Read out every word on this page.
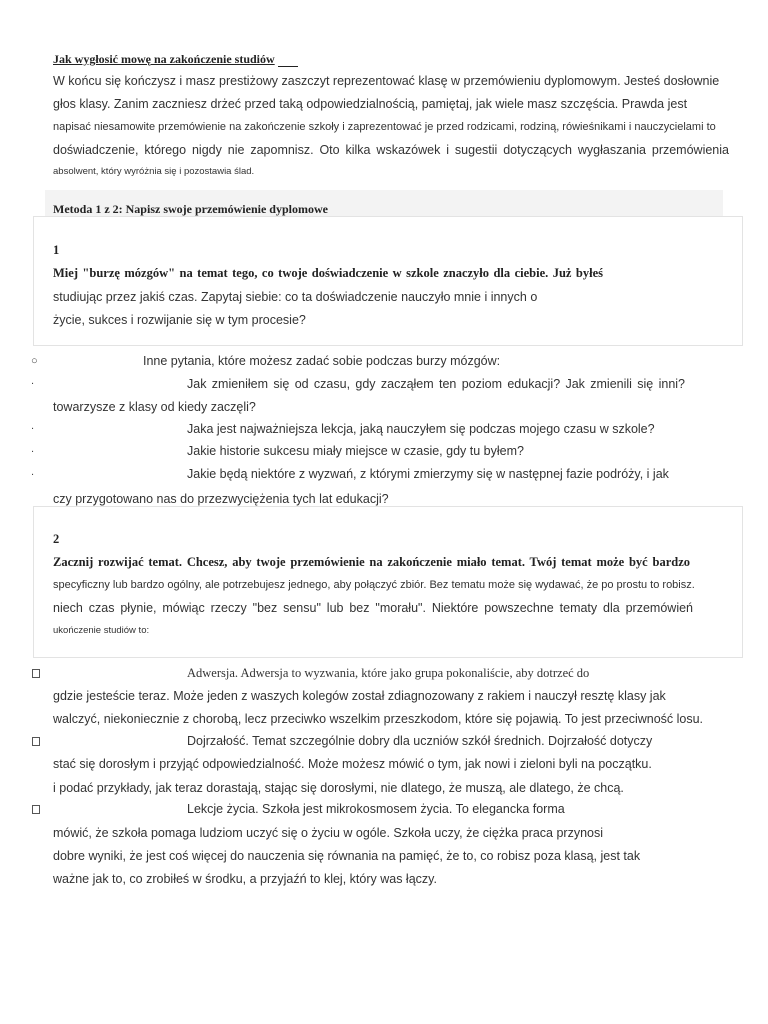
Jak wygłosić mowę na zakończenie studiów
W końcu się kończysz i masz prestiżowy zaszczyt reprezentować klasę w przemówieniu dyplomowym. Jesteś dosłownie
głos klasy. Zanim zaczniesz drżeć przed taką odpowiedzialnością, pamiętaj, jak wiele masz szczęścia. Prawda jest
napisać niesamowite przemówienie na zakończenie szkoły i zaprezentować je przed rodzicami, rodziną, rówieśnikami i nauczycielami to
doświadczenie, którego nigdy nie zapomnisz. Oto kilka wskazówek i sugestii dotyczących wygłaszania przemówienia
absolwent, który wyróżnia się i pozostawia ślad.
Metoda 1 z 2: Napisz swoje przemówienie dyplomowe
1
Miej "burzę mózgów" na temat tego, co twoje doświadczenie w szkole znaczyło dla ciebie. Już byłeś
studiując przez jakiś czas. Zapytaj siebie: co ta doświadczenie nauczyło mnie i innych o
życie, sukces i rozwijanie się w tym procesie?
○	Inne pytania, które możesz zadać sobie podczas burzy mózgów:
.	Jak zmieniłem się od czasu, gdy zacząłem ten poziom edukacji? Jak zmienili się inni?
towarzysze z klasy od kiedy zaczęli?
.	Jaka jest najważniejsza lekcja, jaką nauczyłem się podczas mojego czasu w szkole?
.	Jakie historie sukcesu miały miejsce w czasie, gdy tu byłem?
.	Jakie będą niektóre z wyzwań, z którymi zmierzymy się w następnej fazie podróży, i jak
czy przygotowano nas do przezwyciężenia tych lat edukacji?
2
Zacznij rozwijać temat. Chcesz, aby twoje przemówienie na zakończenie miało temat. Twój temat może być bardzo
specyficzny lub bardzo ogólny, ale potrzebujesz jednego, aby połączyć zbiór. Bez tematu może się wydawać, że po prostu to robisz.
niech czas płynie, mówiąc rzeczy "bez sensu" lub bez "morału". Niektóre powszechne tematy dla przemówień
ukończenie studiów to:
Adwersja. Adwersja to wyzwania, które jako grupa pokonaliście, aby dotrzeć do
gdzie jesteście teraz. Może jeden z waszych kolegów został zdiagnozowany z rakiem i nauczył resztę klasy jak
walczyć, niekoniecznie z chorobą, lecz przeciwko wszelkim przeszkodom, które się pojawią. To jest przeciwność losu.
Dojrzałość. Temat szczególnie dobry dla uczniów szkół średnich. Dojrzałość dotyczy
stać się dorosłym i przyjąć odpowiedzialność. Może możesz mówić o tym, jak nowi i zieloni byli na początku.
i podać przykłady, jak teraz dorastają, stając się dorosłymi, nie dlatego, że muszą, ale dlatego, że chcą.
Lekcje życia. Szkoła jest mikrokosmosem życia. To elegancka forma
mówić, że szkoła pomaga ludziom uczyć się o życiu w ogóle. Szkoła uczy, że ciężka praca przynosi
dobre wyniki, że jest coś więcej do nauczenia się równania na pamięć, że to, co robisz poza klasą, jest tak
ważne jak to, co zrobiłeś w środku, a przyjaźń to klej, który was łączy.
